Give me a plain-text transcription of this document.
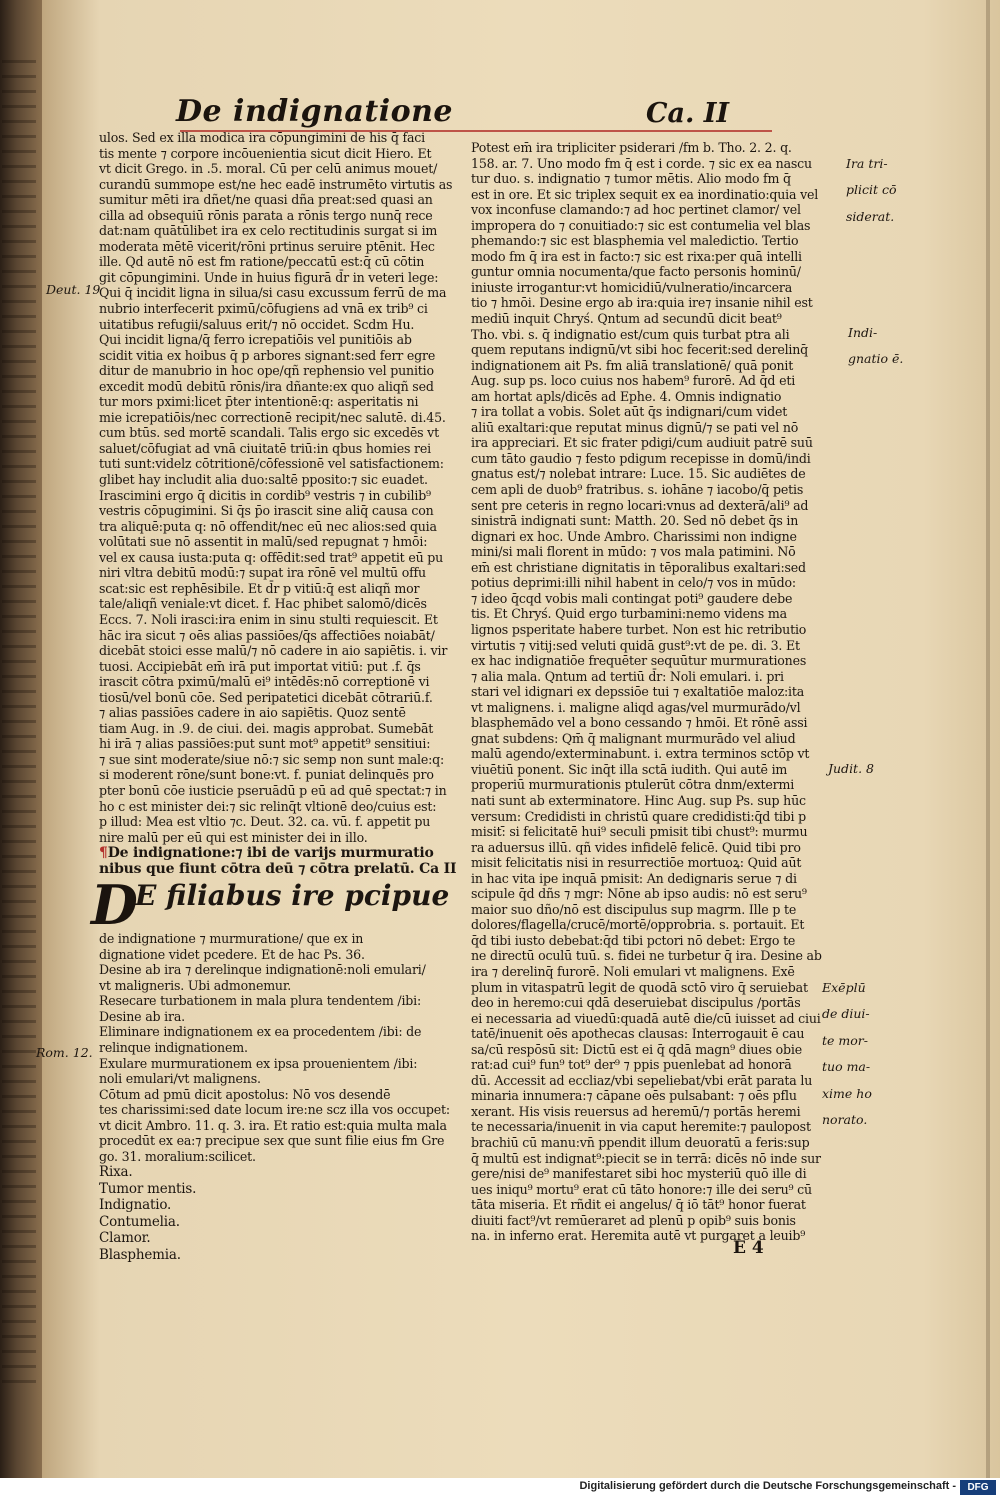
De indignatione	Ca. II

ulos. Sed ex illa modica ira cōpungimini de his q̄ faci

tis mente ⁊ corpore incōuenientia sicut dicit Hiero. Et

vt dicit Grego. in .5. moral. Cū per celū animus mouet/

curandū summope est/ne hec eadē instrumēto virtutis as

sumitur mēti ira dñet/ne quasi dña preat:sed quasi an

cilla ad obsequiū rōnis parata a rōnis tergo nunq̄ rece

dat:nam quātūlibet ira ex celo rectitudinis surgat si im

moderata mētē vicerit/rōni prtinus seruire ptēnit. Hec

ille. Qd autē nō est fm ratione/peccatū est:q̄ cū cōtin

git cōpungimini. Unde in huius figurā d̄r in veteri lege:

Qui q̄ incidit ligna in silua/si casu excussum ferrū de ma

nubrio interfecerit pximū/cōfugiens ad vnā ex trib⁹ ci

uitatibus refugii/saluus erit/⁊ nō occidet. Scdm Hu.

Qui incidit ligna/q̄ ferro icrepatiōis vel punitiōis ab

scidit vitia ex hoibus q̄ p arbores signant:sed ferr egre

ditur de manubrio in hoc ope/qñ rephensio vel punitio

excedit modū debitū rōnis/ira dñante:ex quo aliqñ sed

tur mors pximi:licet p̄ter intentionē:q: asperitatis ni

mie icrepatiōis/nec correctionē recipit/nec salutē. di.45.

cum btūs. sed mortē scandali. Talis ergo sic excedēs vt

saluet/cōfugiat ad vnā ciuitatē triū:in qbus homies rei

tuti sunt:videlz cōtritionē/cōfessionē vel satisfactionem:

glibet hay includit alia duo:saltē pposito:⁊ sic euadet.

Irascimini ergo q̄ dicitis in cordib⁹ vestris ⁊ in cubilib⁹

vestris cōpugimini. Si q̄s p̄o irascit sine aliq̄ causa con

tra aliquē:puta q: nō offendit/nec eū nec alios:sed quia

volūtati sue nō assentit in malū/sed repugnat ⁊ hmōi:

vel ex causa iusta:puta q: offēdit:sed trat⁹ appetit eū pu

niri vltra debitū modū:⁊ supat ira rōnē vel multū offu

scat:sic est rephēsibile. Et d̄r p vitiū:q̄ est aliqñ mor

tale/aliqñ veniale:vt dicet. f. Hac phibet salomō/dicēs

Eccs. 7. Noli irasci:ira enim in sinu stulti requiescit. Et

hāc ira sicut ⁊ oēs alias passiōes/q̄s affectiōes noiabāt/

dicebāt stoici esse malū/⁊ nō cadere in aio sapiētis. i. vir

tuosi. Accipiebāt em̄ irā put importat vitiū: put .f. q̄s

irascit cōtra pximū/malū ei⁹ intēdēs:nō correptionē vi

tiosū/vel bonū cōe. Sed peripatetici dicebāt cōtrariū.f.

⁊ alias passiōes cadere in aio sapiētis. Quoz sentē

tiam Aug. in .9. de ciui. dei. magis approbat. Sumebāt

hi irā ⁊ alias passiōes:put sunt mot⁹ appetit⁹ sensitiui:

⁊ sue sint moderate/siue nō:⁊ sic semp non sunt male:q:

si moderent rōne/sunt bone:vt. f. puniat delinquēs pro

pter bonū cōe iusticie pseruādū p eū ad quē spectat:⁊ in

ho c est minister dei:⁊ sic relinq̄t vltionē deo/cuius est:

p illud: Mea est vltio ⁊c. Deut. 32. ca. vū. f. appetit pu

nire malū per eū qui est minister dei in illo.

¶De indignatione:⁊ ibi de varijs murmuratio

nibus que fiunt cōtra deū ⁊ cōtra prelatū. Ca II

D
E filiabus ire pcipue

de indignatione ⁊ murmuratione/ que ex in

dignatione videt pcedere. Et de hac Ps. 36.

Desine ab ira ⁊ derelinque indignationē:noli emulari/

vt maligneris. Ubi admonemur.

Resecare turbationem in mala plura tendentem /ibi:

Desine ab ira.

Eliminare indignationem ex ea procedentem /ibi: de

relinque indignationem.

Exulare murmurationem ex ipsa prouenientem /ibi:

noli emulari/vt malignens.

Cōtum ad pmū dicit apostolus: Nō vos desendē

tes charissimi:sed date locum ire:ne scz illa vos occupet:

vt dicit Ambro. 11. q. 3. ira. Et ratio est:quia multa mala

procedūt ex ea:⁊ precipue sex que sunt filie eius fm Gre

go. 31. moralium:scilicet.

Rixa.

Tumor mentis.

Indignatio.

Contumelia.

Clamor.

Blasphemia.

Potest em̄ ira tripliciter psiderari /fm b. Tho. 2. 2. q.

158. ar. 7. Uno modo fm q̄ est i corde. ⁊ sic ex ea nascu

tur duo. s. indignatio ⁊ tumor mētis. Alio modo fm q̄

est in ore. Et sic triplex sequit ex ea inordinatio:quia vel

vox inconfuse clamando:⁊ ad hoc pertinet clamor/ vel

impropera do ⁊ conuitiado:⁊ sic est contumelia vel blas

phemando:⁊ sic est blasphemia vel maledictio. Tertio

modo fm q̄ ira est in facto:⁊ sic est rixa:per quā intelli

guntur omnia nocumenta/que facto personis hominū/

iniuste irrogantur:vt homicidiū/vulneratio/incarcera

tio ⁊ hmōi. Desine ergo ab ira:quia ire⁊ insanie nihil est

mediū inquit Chryś. Qntum ad secundū dicit beat⁹

Tho. vbi. s. q̄ indignatio est/cum quis turbat ptra ali

quem reputans indignū/vt sibi hoc fecerit:sed derelinq̄

indignationem ait Ps. fm aliā translationē/ quā ponit

Aug. sup ps. loco cuius nos habem⁹ furorē. Ad q̄d eti

am hortat apls/dicēs ad Ephe. 4. Omnis indignatio

⁊ ira tollat a vobis. Solet aūt q̄s indignari/cum videt

aliū exaltari:que reputat minus dignū/⁊ se pati vel nō

ira appreciari. Et sic frater pdigi/cum audiuit patrē suū

cum tāto gaudio ⁊ festo pdigum recepisse in domū/indi

gnatus est/⁊ nolebat intrare: Luce. 15. Sic audiētes de

cem apli de duob⁹ fratribus. s. iohāne ⁊ iacobo/q̄ petis

sent pre ceteris in regno locari:vnus ad dexterā/ali⁹ ad

sinistrā indignati sunt: Matth. 20. Sed nō debet q̄s in

dignari ex hoc. Unde Ambro. Charissimi non indigne

mini/si mali florent in mūdo: ⁊ vos mala patimini. Nō

em̄ est christiane dignitatis in tēporalibus exaltari:sed

potius deprimi:illi nihil habent in celo/⁊ vos in mūdo:

⁊ ideo q̄cqd vobis mali contingat poti⁹ gaudere debe

tis. Et Chryś. Quid ergo turbamini:nemo videns ma

lignos psperitate habere turbet. Non est hic retributio

virtutis ⁊ vitij:sed veluti quidā gust⁹:vt de pe. di. 3. Et

ex hac indignatiōe frequēter sequūtur murmurationes

⁊ alia mala. Qntum ad tertiū d̄r: Noli emulari. i. pri

stari vel idignari ex depssiōe tui ⁊ exaltatiōe maloz:ita

vt malignens. i. maligne aliqd agas/vel murmurādo/vl

blasphemādo vel a bono cessando ⁊ hmōi. Et rōnē assi

gnat subdens: Qm̄ q̄ malignant murmurādo vel aliud

malū agendo/exterminabunt. i. extra terminos sctōp vt

viuētiū ponent. Sic inq̄t illa sctā iudith. Qui autē im

properiū murmurationis ptulerūt cōtra dnm/extermi

nati sunt ab exterminatore. Hinc Aug. sup Ps. sup hūc

versum: Credidisti in christū quare credidisti:q̄d tibi p

misit:̄ si felicitatē hui⁹ seculi pmisit tibi chust⁹: murmu

ra aduersus illū. qñ vides infidelē felicē. Quid tibi pro

misit felicitatis nisi in resurrectiōe mortuoꝝ: Quid aūt

in hac vita ipe inquā pmisit: An dedignaris serue ⁊ di

scipule q̄d dñs ⁊ mgr: Nōne ab ipso audis: nō est seru⁹

maior suo dño/nō est discipulus sup magrm. Ille p te

dolores/flagella/crucē/mortē/opprobria. s. portauit. Et

q̄d tibi iusto debebat:q̄d tibi pctori nō debet: Ergo te

ne directū oculū tuū. s. fidei ne turbetur q̄ ira. Desine ab

ira ⁊ derelinq̄ furorē. Noli emulari vt malignens. Exē

plum in vitaspatrū legit de quodā sctō viro q̄ seruiebat

deo in heremo:cui qdā deseruiebat discipulus /portās

ei necessaria ad viuedū:quadā autē die/cū iuisset ad ciui

tatē/inuenit oēs apothecas clausas: Interrogauit ē cau

sa/cū respōsū sit: Dictū est ei q̄ qdā magn⁹ diues obie

rat:ad cui⁹ fun⁹ tot⁹ der⁹ ⁊ ppis puenlebat ad honorā

dū. Accessit ad eccliaz/vbi sepeliebat/vbi erāt parata lu

minaria innumera:⁊ cāpane oēs pulsabant: ⁊ oēs pflu

xerant. His visis reuersus ad heremū/⁊ portās heremi

te necessaria/inuenit in via caput heremite:⁊ paulopost

brachiū cū manu:vn̄ ppendit illum deuoratū a feris:sup

q̄ multū est indignat⁹:piecit se in terrā: dicēs nō inde sur

gere/nisi de⁹ manifestaret sibi hoc mysteriū quō ille di

ues iniqu⁹ mortu⁹ erat cū tāto honore:⁊ ille dei seru⁹ cū

tāta miseria. Et rñdit ei angelus/ q̄ iō tāt⁹ honor fuerat

diuiti fact⁹/vt remūeraret ad plenū p opib⁹ suis bonis

na. in inferno erat. Heremita autē vt purgaret a leuib⁹

Deut. 19
Rom. 12.

Ira tri-

plicit cō

siderat.

Indi-

gnatio ē.

Judit. 8

Exēplū

de diui-

te mor-

tuo ma-

xime ho

norato.

E 4
Digitalisierung gefördert durch die Deutsche Forschungsgemeinschaft -	DFG
